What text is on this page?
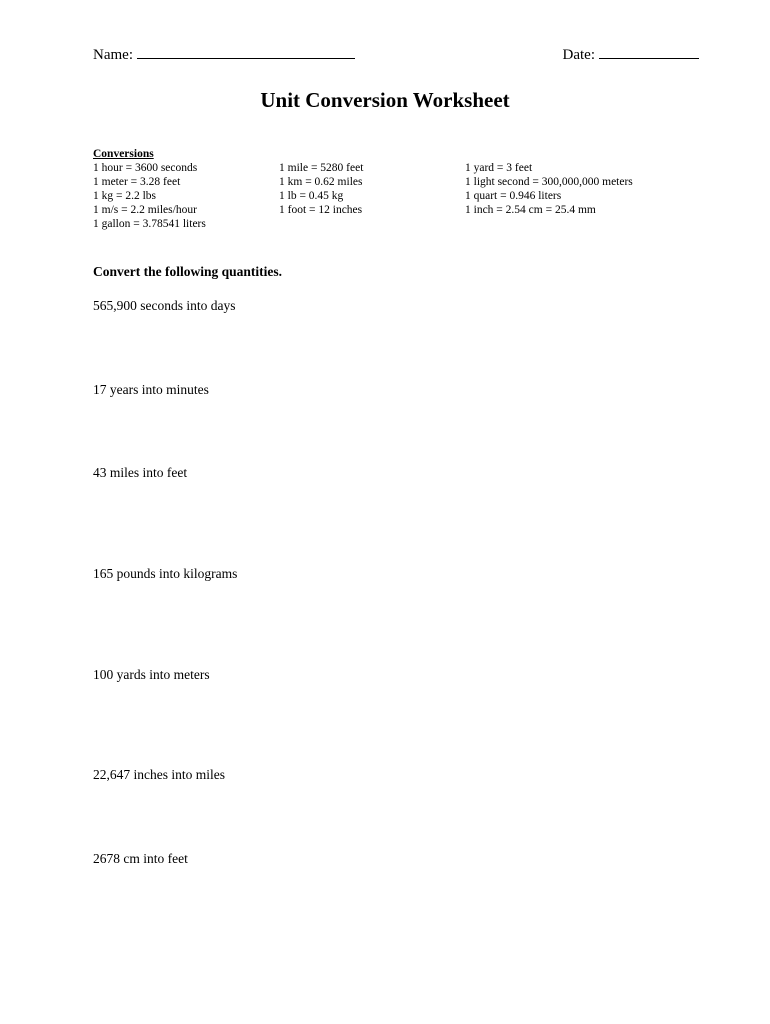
Name:	Date:
Unit Conversion Worksheet
Conversions
1 hour = 3600 seconds
1 meter = 3.28 feet
1 kg = 2.2 lbs
1 m/s = 2.2 miles/hour
1 gallon = 3.78541 liters
1 mile = 5280 feet
1 km = 0.62 miles
1 lb = 0.45 kg
1 foot = 12 inches
1 yard = 3 feet
1 light second = 300,000,000 meters
1 quart = 0.946 liters
1 inch = 2.54 cm = 25.4 mm
Convert the following quantities.
565,900 seconds into days
17 years into minutes
43 miles into feet
165 pounds into kilograms
100 yards into meters
22,647 inches into miles
2678 cm into feet
